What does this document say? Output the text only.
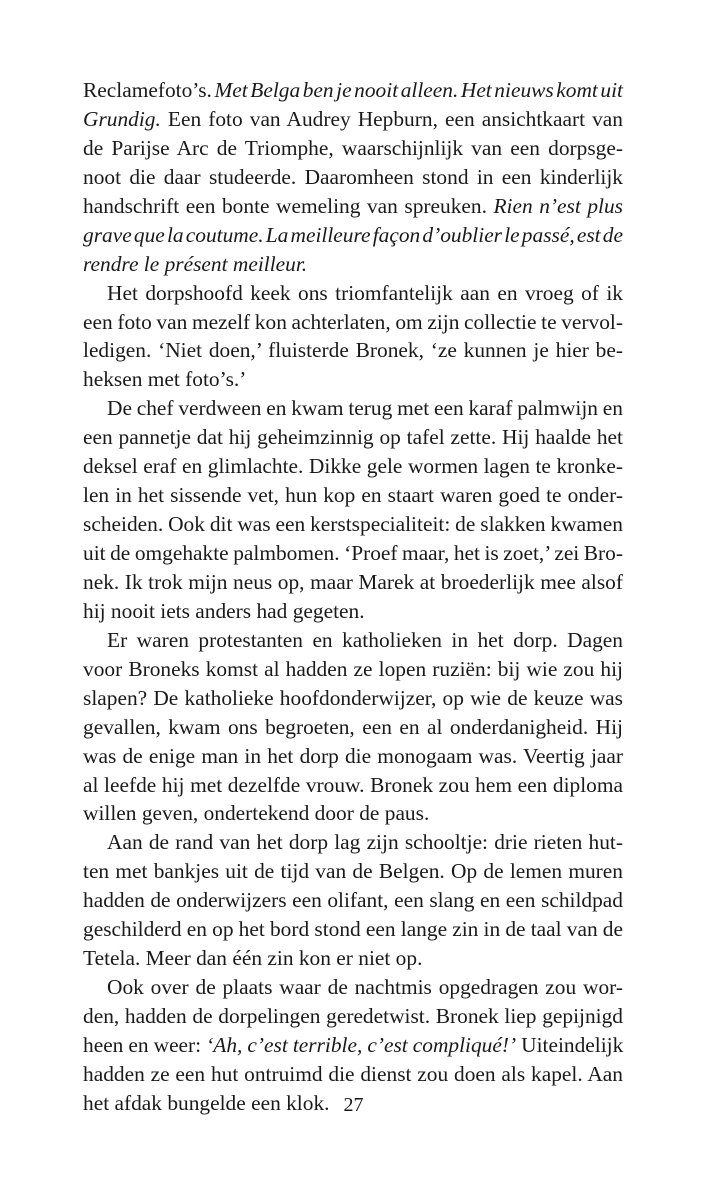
Reclamefoto’s. Met Belga ben je nooit alleen. Het nieuws komt uit
Grundig. Een foto van Audrey Hepburn, een ansichtkaart van
de Parijse Arc de Triomphe, waarschijnlijk van een dorpsge-
noot die daar studeerde. Daaromheen stond in een kinderlijk
handschrift een bonte wemeling van spreuken. Rien n’est plus
grave que la coutume. La meilleure façon d’oublier le passé, est de
rendre le présent meilleur.
Het dorpshoofd keek ons triomfantelijk aan en vroeg of ik
een foto van mezelf kon achterlaten, om zijn collectie te vervol-
ledigen. ‘Niet doen,’ fluisterde Bronek, ‘ze kunnen je hier be-
heksen met foto’s.’
De chef verdween en kwam terug met een karaf palmwijn en
een pannetje dat hij geheimzinnig op tafel zette. Hij haalde het
deksel eraf en glimlachte. Dikke gele wormen lagen te kronke-
len in het sissende vet, hun kop en staart waren goed te onder-
scheiden. Ook dit was een kerstspecialiteit: de slakken kwamen
uit de omgehakte palmbomen. ‘Proef maar, het is zoet,’ zei Bro-
nek. Ik trok mijn neus op, maar Marek at broederlijk mee alsof
hij nooit iets anders had gegeten.
Er waren protestanten en katholieken in het dorp. Dagen
voor Broneks komst al hadden ze lopen ruziën: bij wie zou hij
slapen? De katholieke hoofdonderwijzer, op wie de keuze was
gevallen, kwam ons begroeten, een en al onderdanigheid. Hij
was de enige man in het dorp die monogaam was. Veertig jaar
al leefde hij met dezelfde vrouw. Bronek zou hem een diploma
willen geven, ondertekend door de paus.
Aan de rand van het dorp lag zijn schooltje: drie rieten hut-
ten met bankjes uit de tijd van de Belgen. Op de lemen muren
hadden de onderwijzers een olifant, een slang en een schildpad
geschilderd en op het bord stond een lange zin in de taal van de
Tetela. Meer dan één zin kon er niet op.
Ook over de plaats waar de nachtmis opgedragen zou wor-
den, hadden de dorpelingen geredetwist. Bronek liep gepijnigd
heen en weer: ‘Ah, c’est terrible, c’est compliqué!’ Uiteindelijk
hadden ze een hut ontruimd die dienst zou doen als kapel. Aan
het afdak bungelde een klok. 27
